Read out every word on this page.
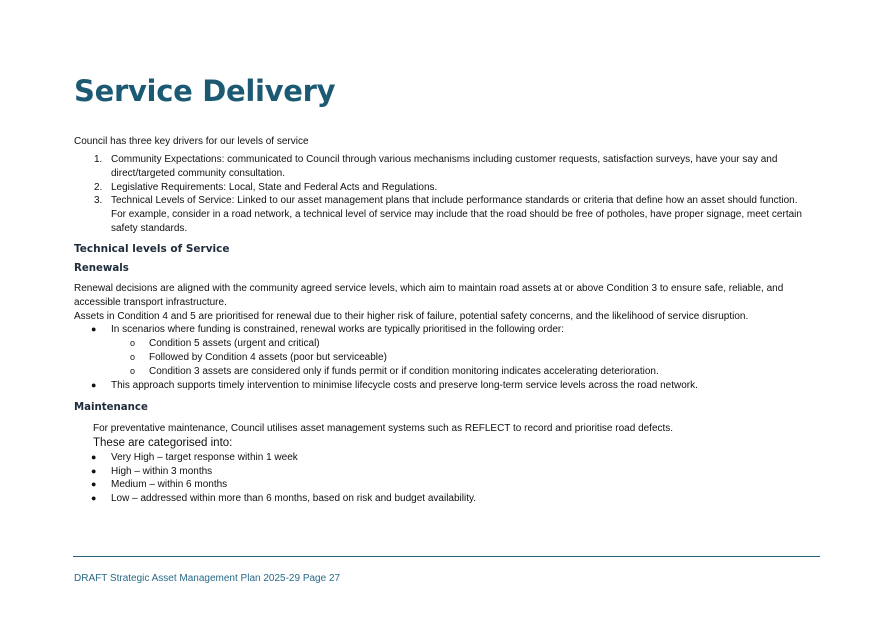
Service Delivery

Council has three key drivers for our levels of service

1. Community Expectations: communicated to Council through various mechanisms including customer requests, satisfaction surveys, have your say and direct/targeted community consultation.
2. Legislative Requirements: Local, State and Federal Acts and Regulations.
3. Technical Levels of Service: Linked to our asset management plans that include performance standards or criteria that define how an asset should function. For example, consider in a road network, a technical level of service may include that the road should be free of potholes, have proper signage, meet certain safety standards.
Technical levels of Service
Renewals

Renewal decisions are aligned with the community agreed service levels, which aim to maintain road assets at or above Condition 3 to ensure safe, reliable, and accessible transport infrastructure.

Assets in Condition 4 and 5 are prioritised for renewal due to their higher risk of failure, potential safety concerns, and the likelihood of service disruption.

● In scenarios where funding is constrained, renewal works are typically prioritised in the following order:
o Condition 5 assets (urgent and critical)
o Followed by Condition 4 assets (poor but serviceable)
o Condition 3 assets are considered only if funds permit or if condition monitoring indicates accelerating deterioration.
● This approach supports timely intervention to minimise lifecycle costs and preserve long-term service levels across the road network.
Maintenance

For preventative maintenance, Council utilises asset management systems such as REFLECT to record and prioritise road defects.

These are categorised into:

● Very High – target response within 1 week
● High – within 3 months
● Medium – within 6 months
● Low – addressed within more than 6 months, based on risk and budget availability.
DRAFT Strategic Asset Management Plan 2025-29 Page 27
